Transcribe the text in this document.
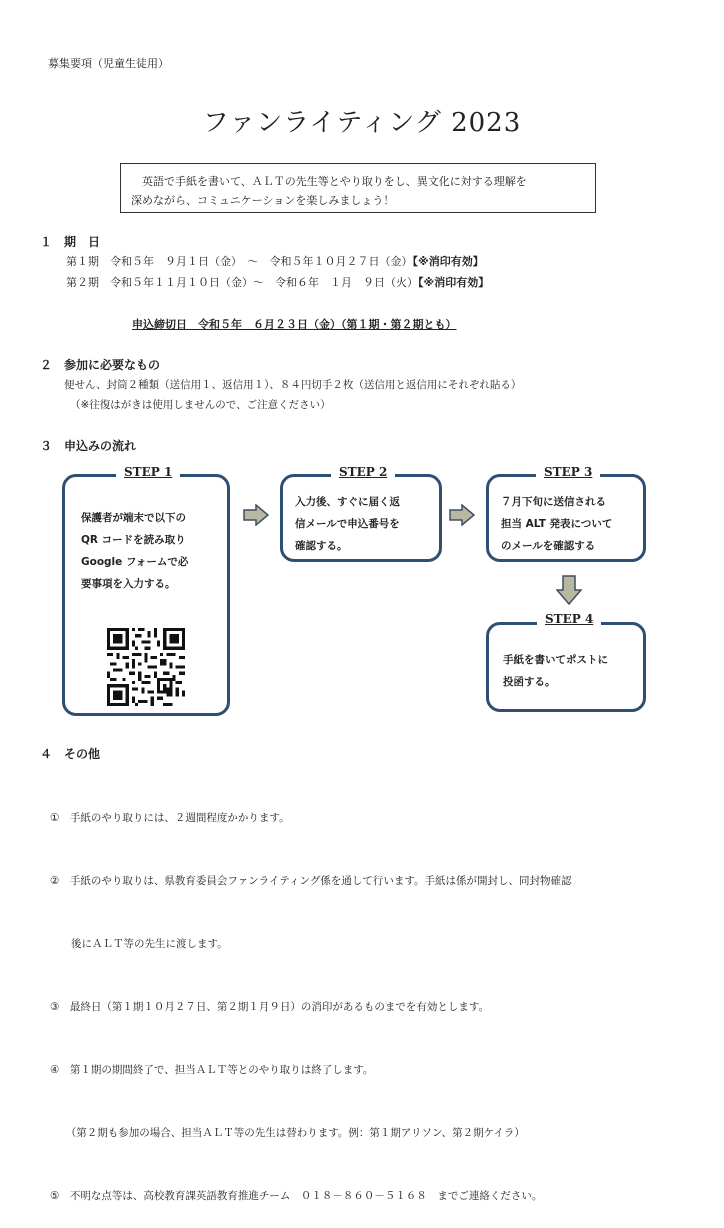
募集要項（児童生徒用）
ファンライティング 2023

英語で手紙を書いて、ＡＬＴの先生等とやり取りをし、異文化に対する理解を

深めながら、コミュニケーションを楽しみましょう！

１　期　日
第１期　令和５年　９月１日（金）　～　令和５年１０月２７日（金）【※消印有効】
第２期　令和５年１１月１０日（金）～　令和６年　１月　９日（火）【※消印有効】
申込締切日　令和５年　６月２３日（金）（第１期・第２期とも）
２　参加に必要なもの
便せん、封筒２種類（送信用１、返信用１）、８４円切手２枚（送信用と返信用にそれぞれ貼る）
（※往復はがきは使用しませんので、ご注意ください）
３　申込みの流れ
保護者が端末で以下の
QR コードを読み取り
Google フォームで必
要事項を入力する。
STEP 1
入力後、すぐに届く返
信メールで申込番号を
確認する。
STEP 2
７月下旬に送信される
担当 ALT 発表について
のメールを確認する
STEP 3
手紙を書いてポストに
投函する。
STEP 4
４　その他

①　手紙のやり取りには、２週間程度かかります。

②　手紙のやり取りは、県教育委員会ファンライティング係を通して行います。手紙は係が開封し、同封物確認

　　後にＡＬＴ等の先生に渡します。

③　最終日（第１期１０月２７日、第２期１月９日）の消印があるものまでを有効とします。

④　第１期の期間終了で、担当ＡＬＴ等とのやり取りは終了します。

　　（第２期も参加の場合、担当ＡＬＴ等の先生は替わります。例：第１期アリソン、第２期ケイラ）

⑤　不明な点等は、高校教育課英語教育推進チーム　０１８－８６０－５１６８　までご連絡ください。
